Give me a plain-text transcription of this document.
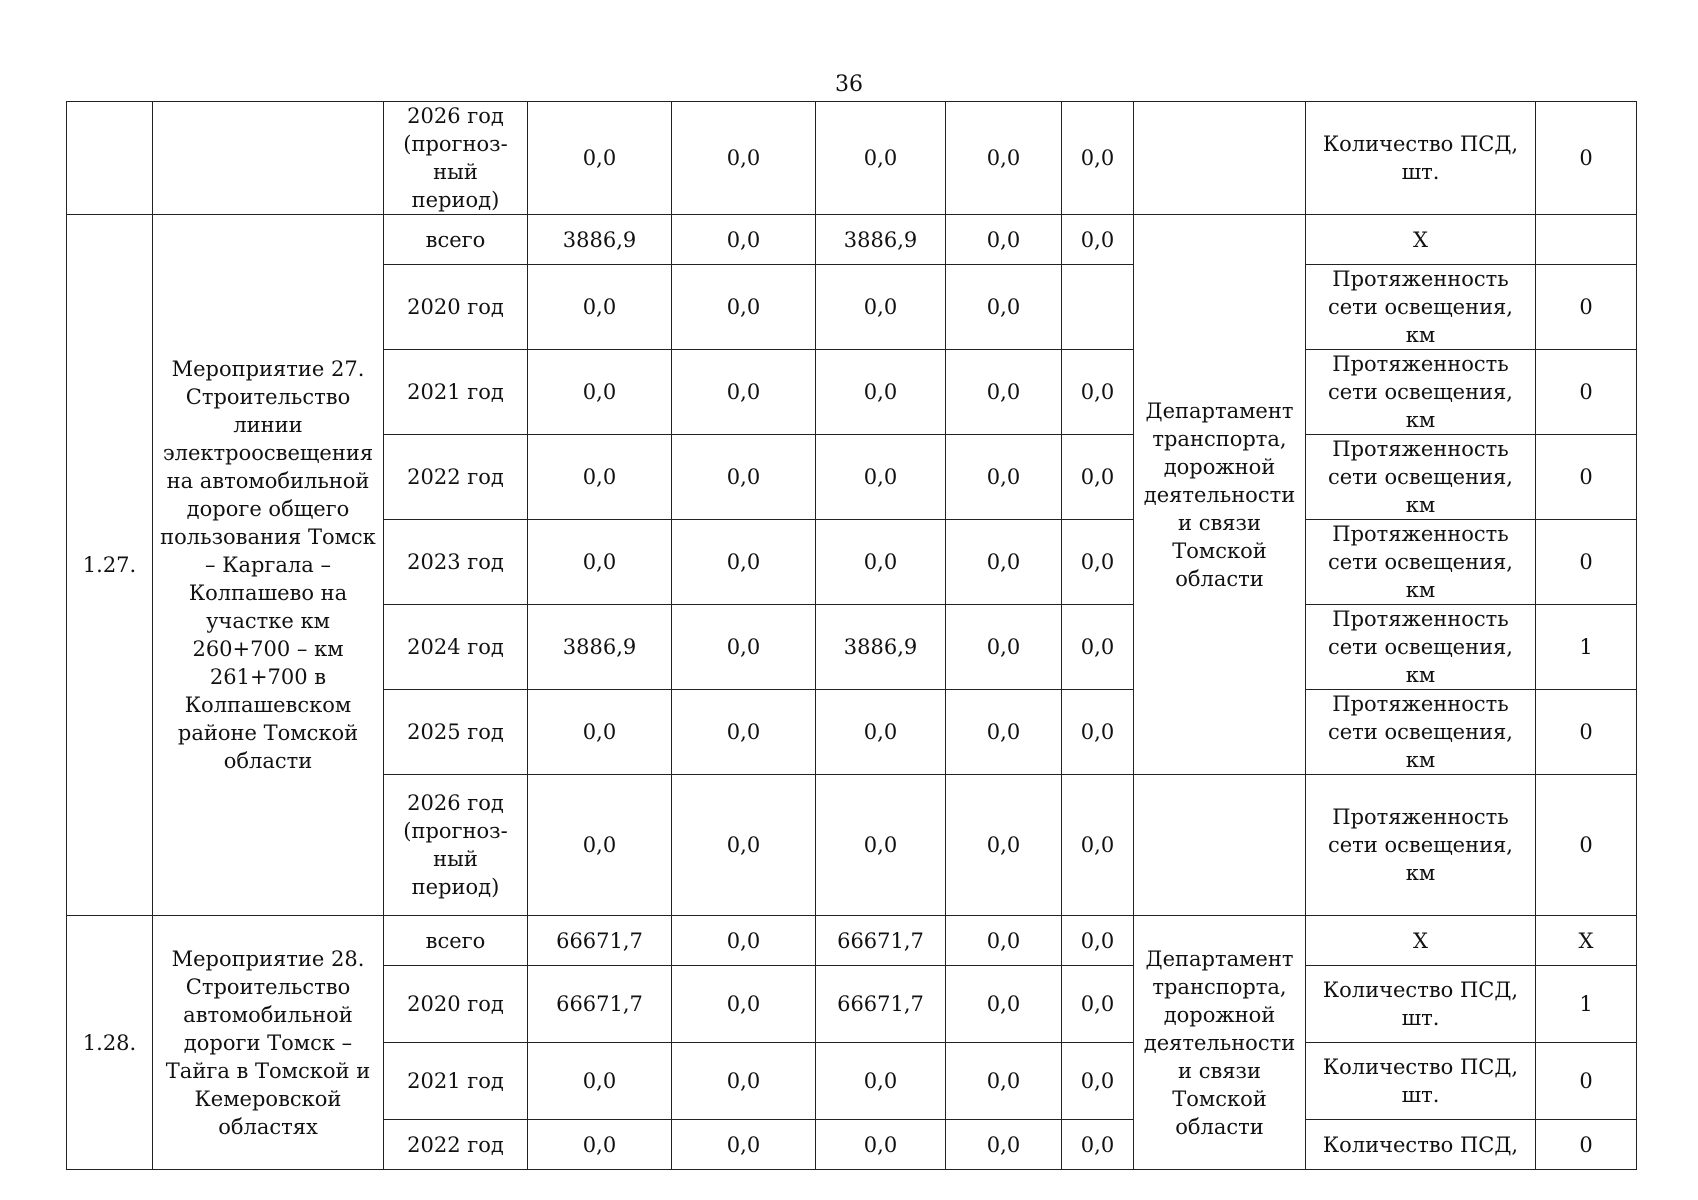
36
		2026 год (прогноз-ный период)	0,0	0,0	0,0	0,0	0,0		Количество ПСД, шт.	0
1.27.	Мероприятие 27. Строительство линии электроосвещения на автомобильной дороге общего пользования Томск – Каргала – Колпашево на участке км 260+700 – км 261+700 в Колпашевском районе Томской области	всего	3886,9	0,0	3886,9	0,0	0,0	Департамент транспорта, дорожной деятельности и связи Томской области	Х	
		2020 год	0,0	0,0	0,0	0,0			Протяженность сети освещения, км	0
		2021 год	0,0	0,0	0,0	0,0	0,0		Протяженность сети освещения, км	0
		2022 год	0,0	0,0	0,0	0,0	0,0		Протяженность сети освещения, км	0
		2023 год	0,0	0,0	0,0	0,0	0,0		Протяженность сети освещения, км	0
		2024 год	3886,9	0,0	3886,9	0,0	0,0		Протяженность сети освещения, км	1
		2025 год	0,0	0,0	0,0	0,0	0,0		Протяженность сети освещения, км	0
		2026 год (прогноз-ный период)	0,0	0,0	0,0	0,0	0,0		Протяженность сети освещения, км	0
1.28.	Мероприятие 28. Строительство автомобильной дороги Томск – Тайга в Томской и Кемеровской областях	всего	66671,7	0,0	66671,7	0,0	0,0	Департамент транспорта, дорожной деятельности и связи Томской области	Х	Х
		2020 год	66671,7	0,0	66671,7	0,0	0,0		Количество ПСД, шт.	1
		2021 год	0,0	0,0	0,0	0,0	0,0		Количество ПСД, шт.	0
		2022 год	0,0	0,0	0,0	0,0	0,0		Количество ПСД,	0
